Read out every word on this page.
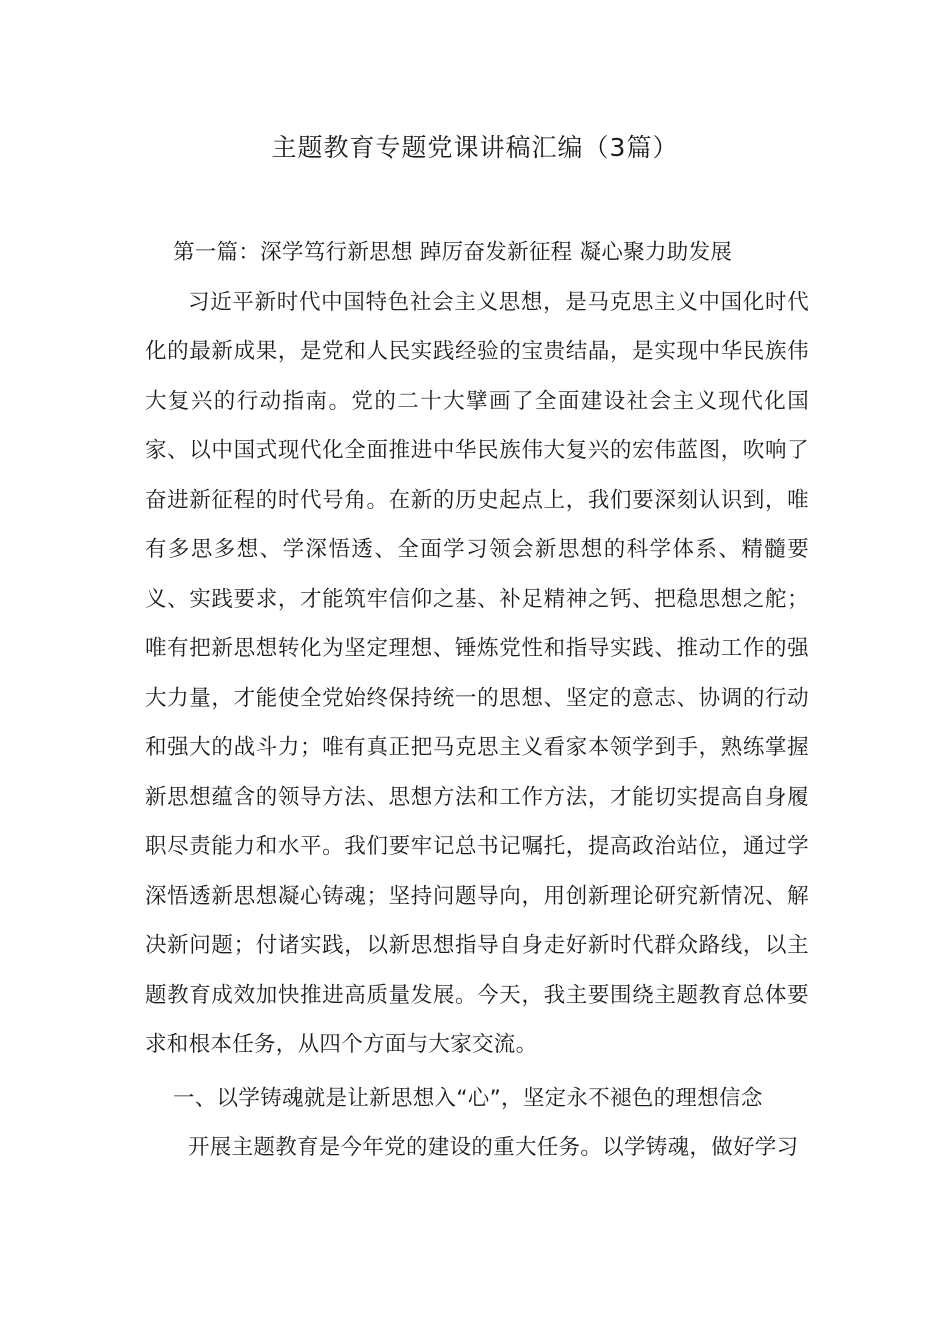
主题教育专题党课讲稿汇编（3篇）

第一篇：深学笃行新思想 踔厉奋发新征程 凝心聚力助发展

习近平新时代中国特色社会主义思想，是马克思主义中国化时代化的最新成果，是党和人民实践经验的宝贵结晶，是实现中华民族伟大复兴的行动指南。党的二十大擘画了全面建设社会主义现代化国家、以中国式现代化全面推进中华民族伟大复兴的宏伟蓝图，吹响了奋进新征程的时代号角。在新的历史起点上，我们要深刻认识到，唯有多思多想、学深悟透、全面学习领会新思想的科学体系、精髓要义、实践要求，才能筑牢信仰之基、补足精神之钙、把稳思想之舵；唯有把新思想转化为坚定理想、锤炼党性和指导实践、推动工作的强大力量，才能使全党始终保持统一的思想、坚定的意志、协调的行动和强大的战斗力；唯有真正把马克思主义看家本领学到手，熟练掌握新思想蕴含的领导方法、思想方法和工作方法，才能切实提高自身履职尽责能力和水平。我们要牢记总书记嘱托，提高政治站位，通过学深悟透新思想凝心铸魂；坚持问题导向，用创新理论研究新情况、解决新问题；付诸实践，以新思想指导自身走好新时代群众路线，以主题教育成效加快推进高质量发展。今天，我主要围绕主题教育总体要求和根本任务，从四个方面与大家交流。

一、以学铸魂就是让新思想入“心”，坚定永不褪色的理想信念

开展主题教育是今年党的建设的重大任务。以学铸魂，做好学习
